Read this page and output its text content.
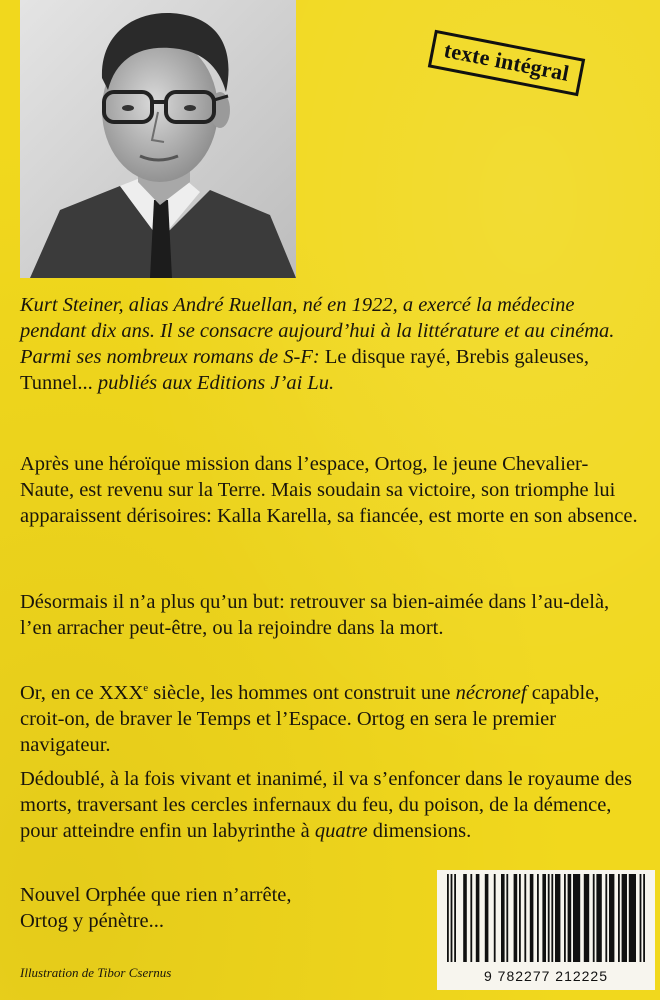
texte intégral
Kurt Steiner, alias André Ruellan, né en 1922, a exercé la médecine pendant dix ans. Il se consacre aujourd’hui à la littérature et au cinéma. Parmi ses nombreux romans de S-F: Le disque rayé, Brebis galeuses, Tunnel... publiés aux Editions J’ai Lu.
Après une héroïque mission dans l’espace, Ortog, le jeune Chevalier-Naute, est revenu sur la Terre. Mais soudain sa victoire, son triomphe lui apparaissent dérisoires: Kalla Karella, sa fiancée, est morte en son absence.
Désormais il n’a plus qu’un but: retrouver sa bien-aimée dans l’au-delà, l’en arracher peut-être, ou la rejoindre dans la mort.
Or, en ce XXXe siècle, les hommes ont construit une nécronef capable, croit-on, de braver le Temps et l’Espace. Ortog en sera le premier navigateur.
Dédoublé, à la fois vivant et inanimé, il va s’enfoncer dans le royaume des morts, traversant les cercles infernaux du feu, du poison, de la démence, pour atteindre enfin un labyrinthe à quatre dimensions.
Nouvel Orphée que rien n’arrête, Ortog y pénètre...
Illustration de Tibor Csernus	9 782277 212225
